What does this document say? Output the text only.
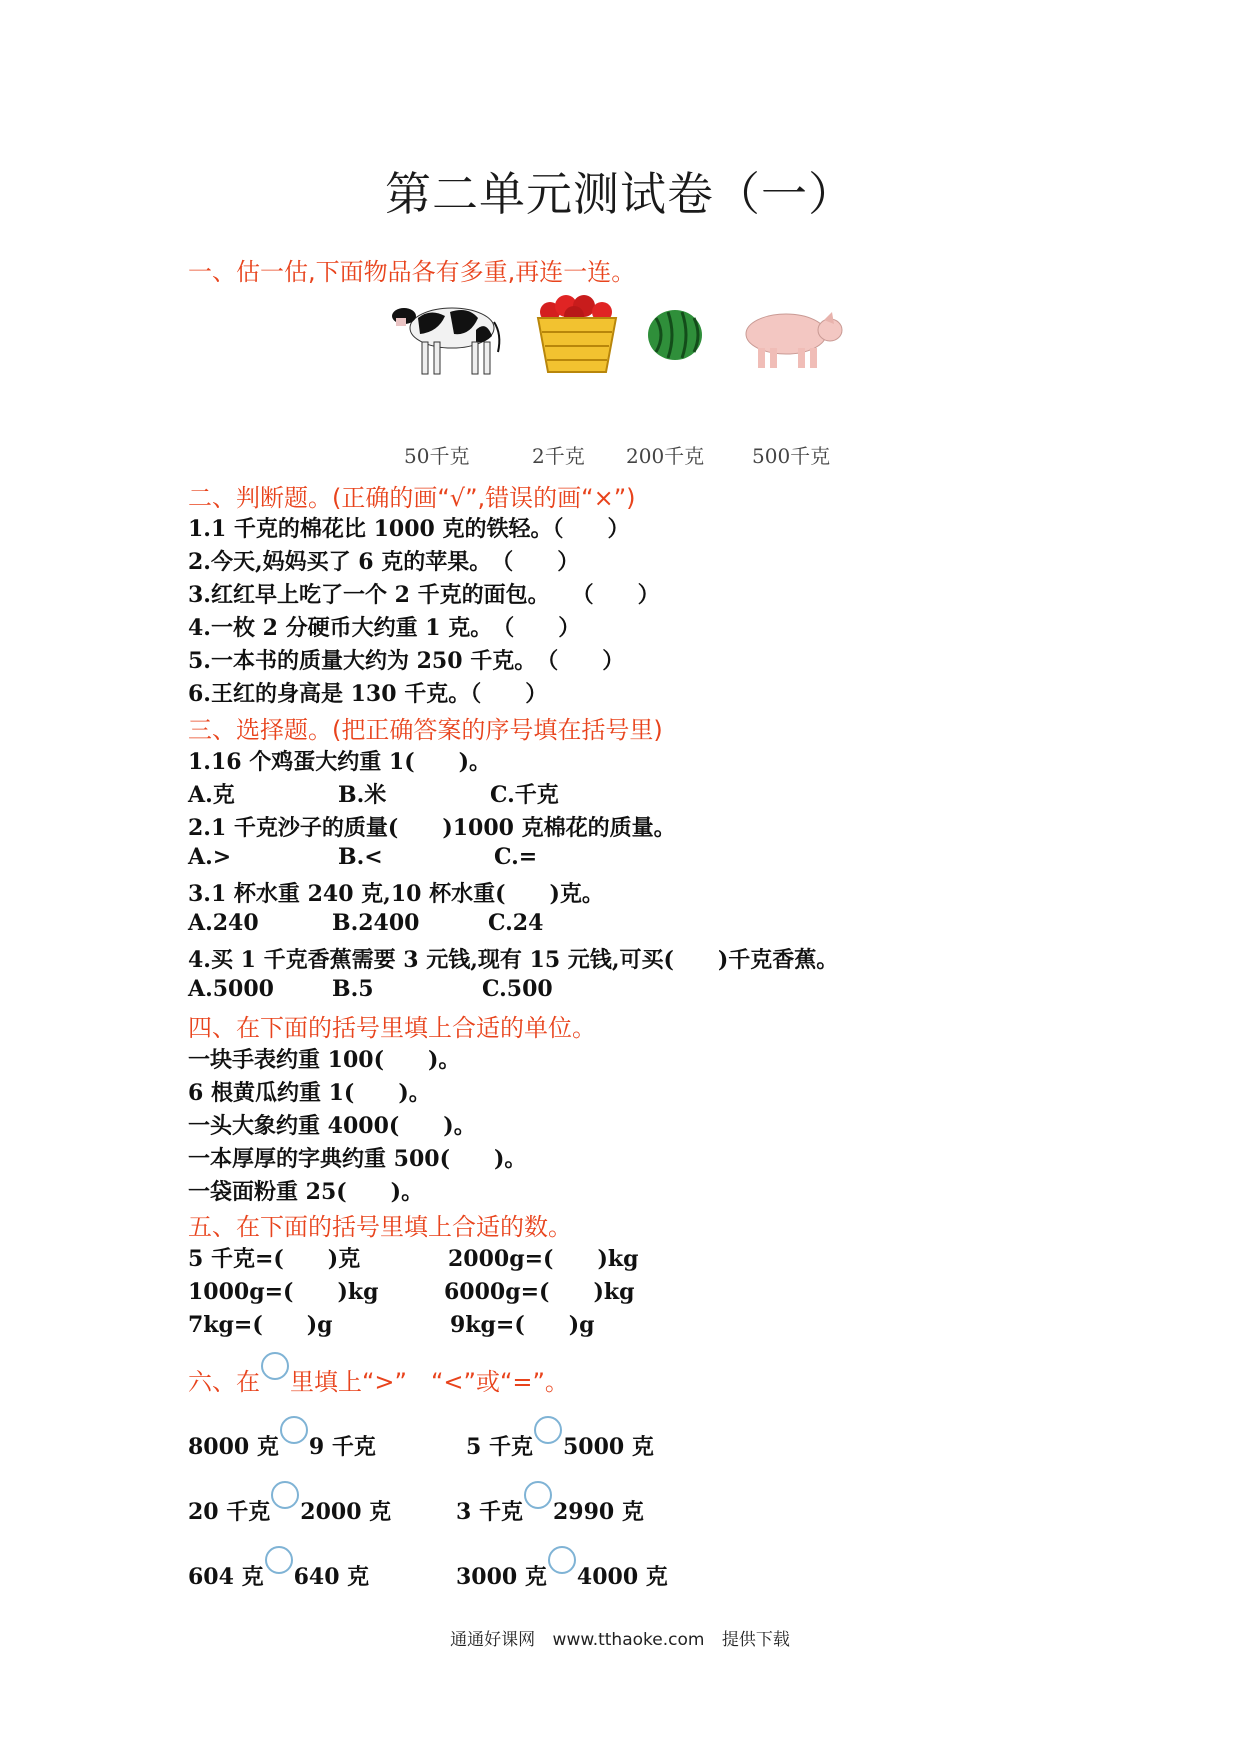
第二单元测试卷（一）
一、估一估,下面物品各有多重,再连一连。
50千克	2千克 200千克 500千克
二、判断题。(正确的画“√”,错误的画“×”)
1.1 千克的棉花比 1000 克的铁轻。（　　）
2.今天,妈妈买了 6 克的苹果。　（　　）
3.红红早上吃了一个 2 千克的面包。　　（　　）
4.一枚 2 分硬币大约重 1 克。　（　　）
5.一本书的质量大约为 250 千克。　（　　）
6.王红的身高是 130 千克。（　　）
三、选择题。(把正确答案的序号填在括号里)
1.16 个鸡蛋大约重 1(　　)。
A.克	B.米	C.千克
2.1 千克沙子的质量(　　)1000 克棉花的质量。
A.>	B.<	C.=
3.1 杯水重 240 克,10 杯水重(　　)克。
A.240	B.2400	C.24
4.买 1 千克香蕉需要 3 元钱,现有 15 元钱,可买(　　)千克香蕉。
A.5000	B.5	C.500
四、在下面的括号里填上合适的单位。
一块手表约重 100(　　)。
6 根黄瓜约重 1(　　)。
一头大象约重 4000(　　)。
一本厚厚的字典约重 500(　　)。
一袋面粉重 25(　　)。
五、在下面的括号里填上合适的数。
5 千克=(　　)克	2000g=(　　)kg
1000g=(　　)kg	6000g=(　　)kg
7kg=(　　)g	9kg=(　　)g
六、在 里填上“>”　“<”或“=”。
8000 克 9 千克	5 千克 5000 克
20 千克 2000 克	3 千克 2990 克
604 克 640 克	3000 克 4000 克
通通好课网 www.tthaoke.com 提供下载
